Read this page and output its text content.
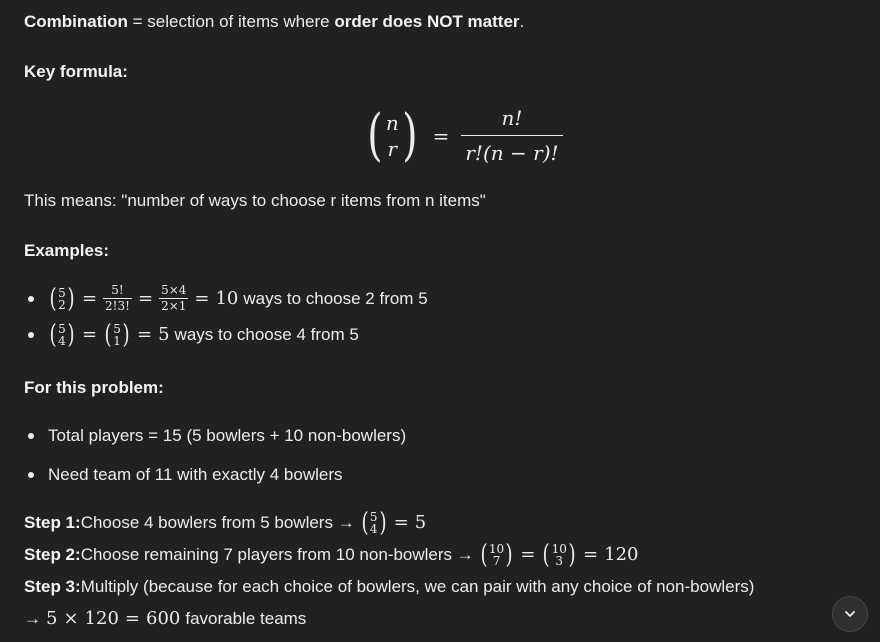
Combination = selection of items where order does NOT matter.

Key formula:

( n
r ) = $\frac{n!}{r!(n - r)!}$

This means: "number of ways to choose r items from n items"

Examples:

( 5
2 ) = $\frac{5!}{2!3!} = \frac{5\times 4}{2\times 1} = 10$ ways to choose 2 from 5
( 5
4 ) = ( 5
1 ) = 5 ways to choose 4 from 5

For this problem:

Total players = 15 (5 bowlers + 10 non-bowlers)
Need team of 11 with exactly 4 bowlers
Step 1: Choose 4 bowlers from 5 bowlers → ( 5
4 ) = 5
Step 2: Choose remaining 7 players from 10 non-bowlers → ( 10
7 ) = ( 10
3 ) = 120
Step 3: Multiply (because for each choice of bowlers, we can pair with any choice of non-bowlers)
→ 5 × 120 = 600 favorable teams
